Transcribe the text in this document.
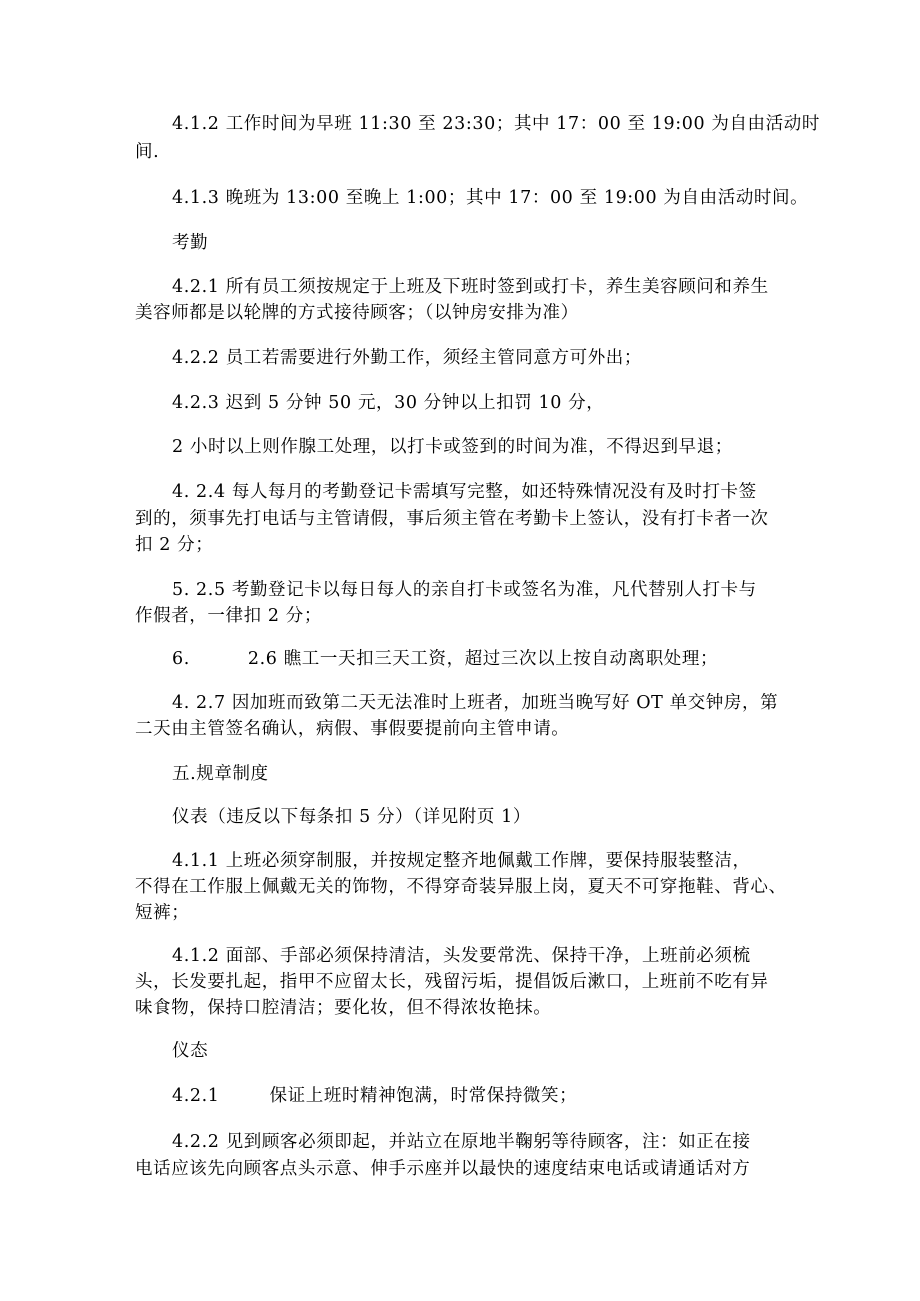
4.1.2 工作时间为早班 11:30 至 23:30；其中 17：00 至 19:00 为自由活动时

间.

4.1.3 晚班为 13:00 至晚上 1:00；其中 17：00 至 19:00 为自由活动时间。

考勤

4.2.1 所有员工须按规定于上班及下班时签到或打卡，养生美容顾问和养生

美容师都是以轮牌的方式接待顾客；（以钟房安排为准）

4.2.2 员工若需要进行外勤工作，须经主管同意方可外出；

4.2.3 迟到 5 分钟 50 元，30 分钟以上扣罚 10 分，

2 小时以上则作腺工处理，以打卡或签到的时间为准，不得迟到早退；

4. 2.4 每人每月的考勤登记卡需填写完整，如还特殊情况没有及时打卡签

到的，须事先打电话与主管请假，事后须主管在考勤卡上签认，没有打卡者一次

扣 2 分；

5. 2.5 考勤登记卡以每日每人的亲自打卡或签名为准，凡代替别人打卡与

作假者，一律扣 2 分；

6.	2.6 瞧工一天扣三天工资，超过三次以上按自动离职处理；

4. 2.7 因加班而致第二天无法准时上班者，加班当晚写好 OT 单交钟房，第

二天由主管签名确认，病假、事假要提前向主管申请。

五.规章制度

仪表（违反以下每条扣 5 分）（详见附页 1）

4.1.1 上班必须穿制服，并按规定整齐地佩戴工作牌，要保持服装整洁，

不得在工作服上佩戴无关的饰物，不得穿奇装异服上岗，夏天不可穿拖鞋、背心、

短裤；

4.1.2 面部、手部必须保持清洁，头发要常洗、保持干净，上班前必须梳

头，长发要扎起，指甲不应留太长，残留污垢，提倡饭后漱口，上班前不吃有异

味食物，保持口腔清洁；要化妆，但不得浓妆艳抹。

仪态

4.2.1	保证上班时精神饱满，时常保持微笑；

4.2.2 见到顾客必须即起，并站立在原地半鞠躬等待顾客，注：如正在接

电话应该先向顾客点头示意、伸手示座并以最快的速度结束电话或请通话对方
